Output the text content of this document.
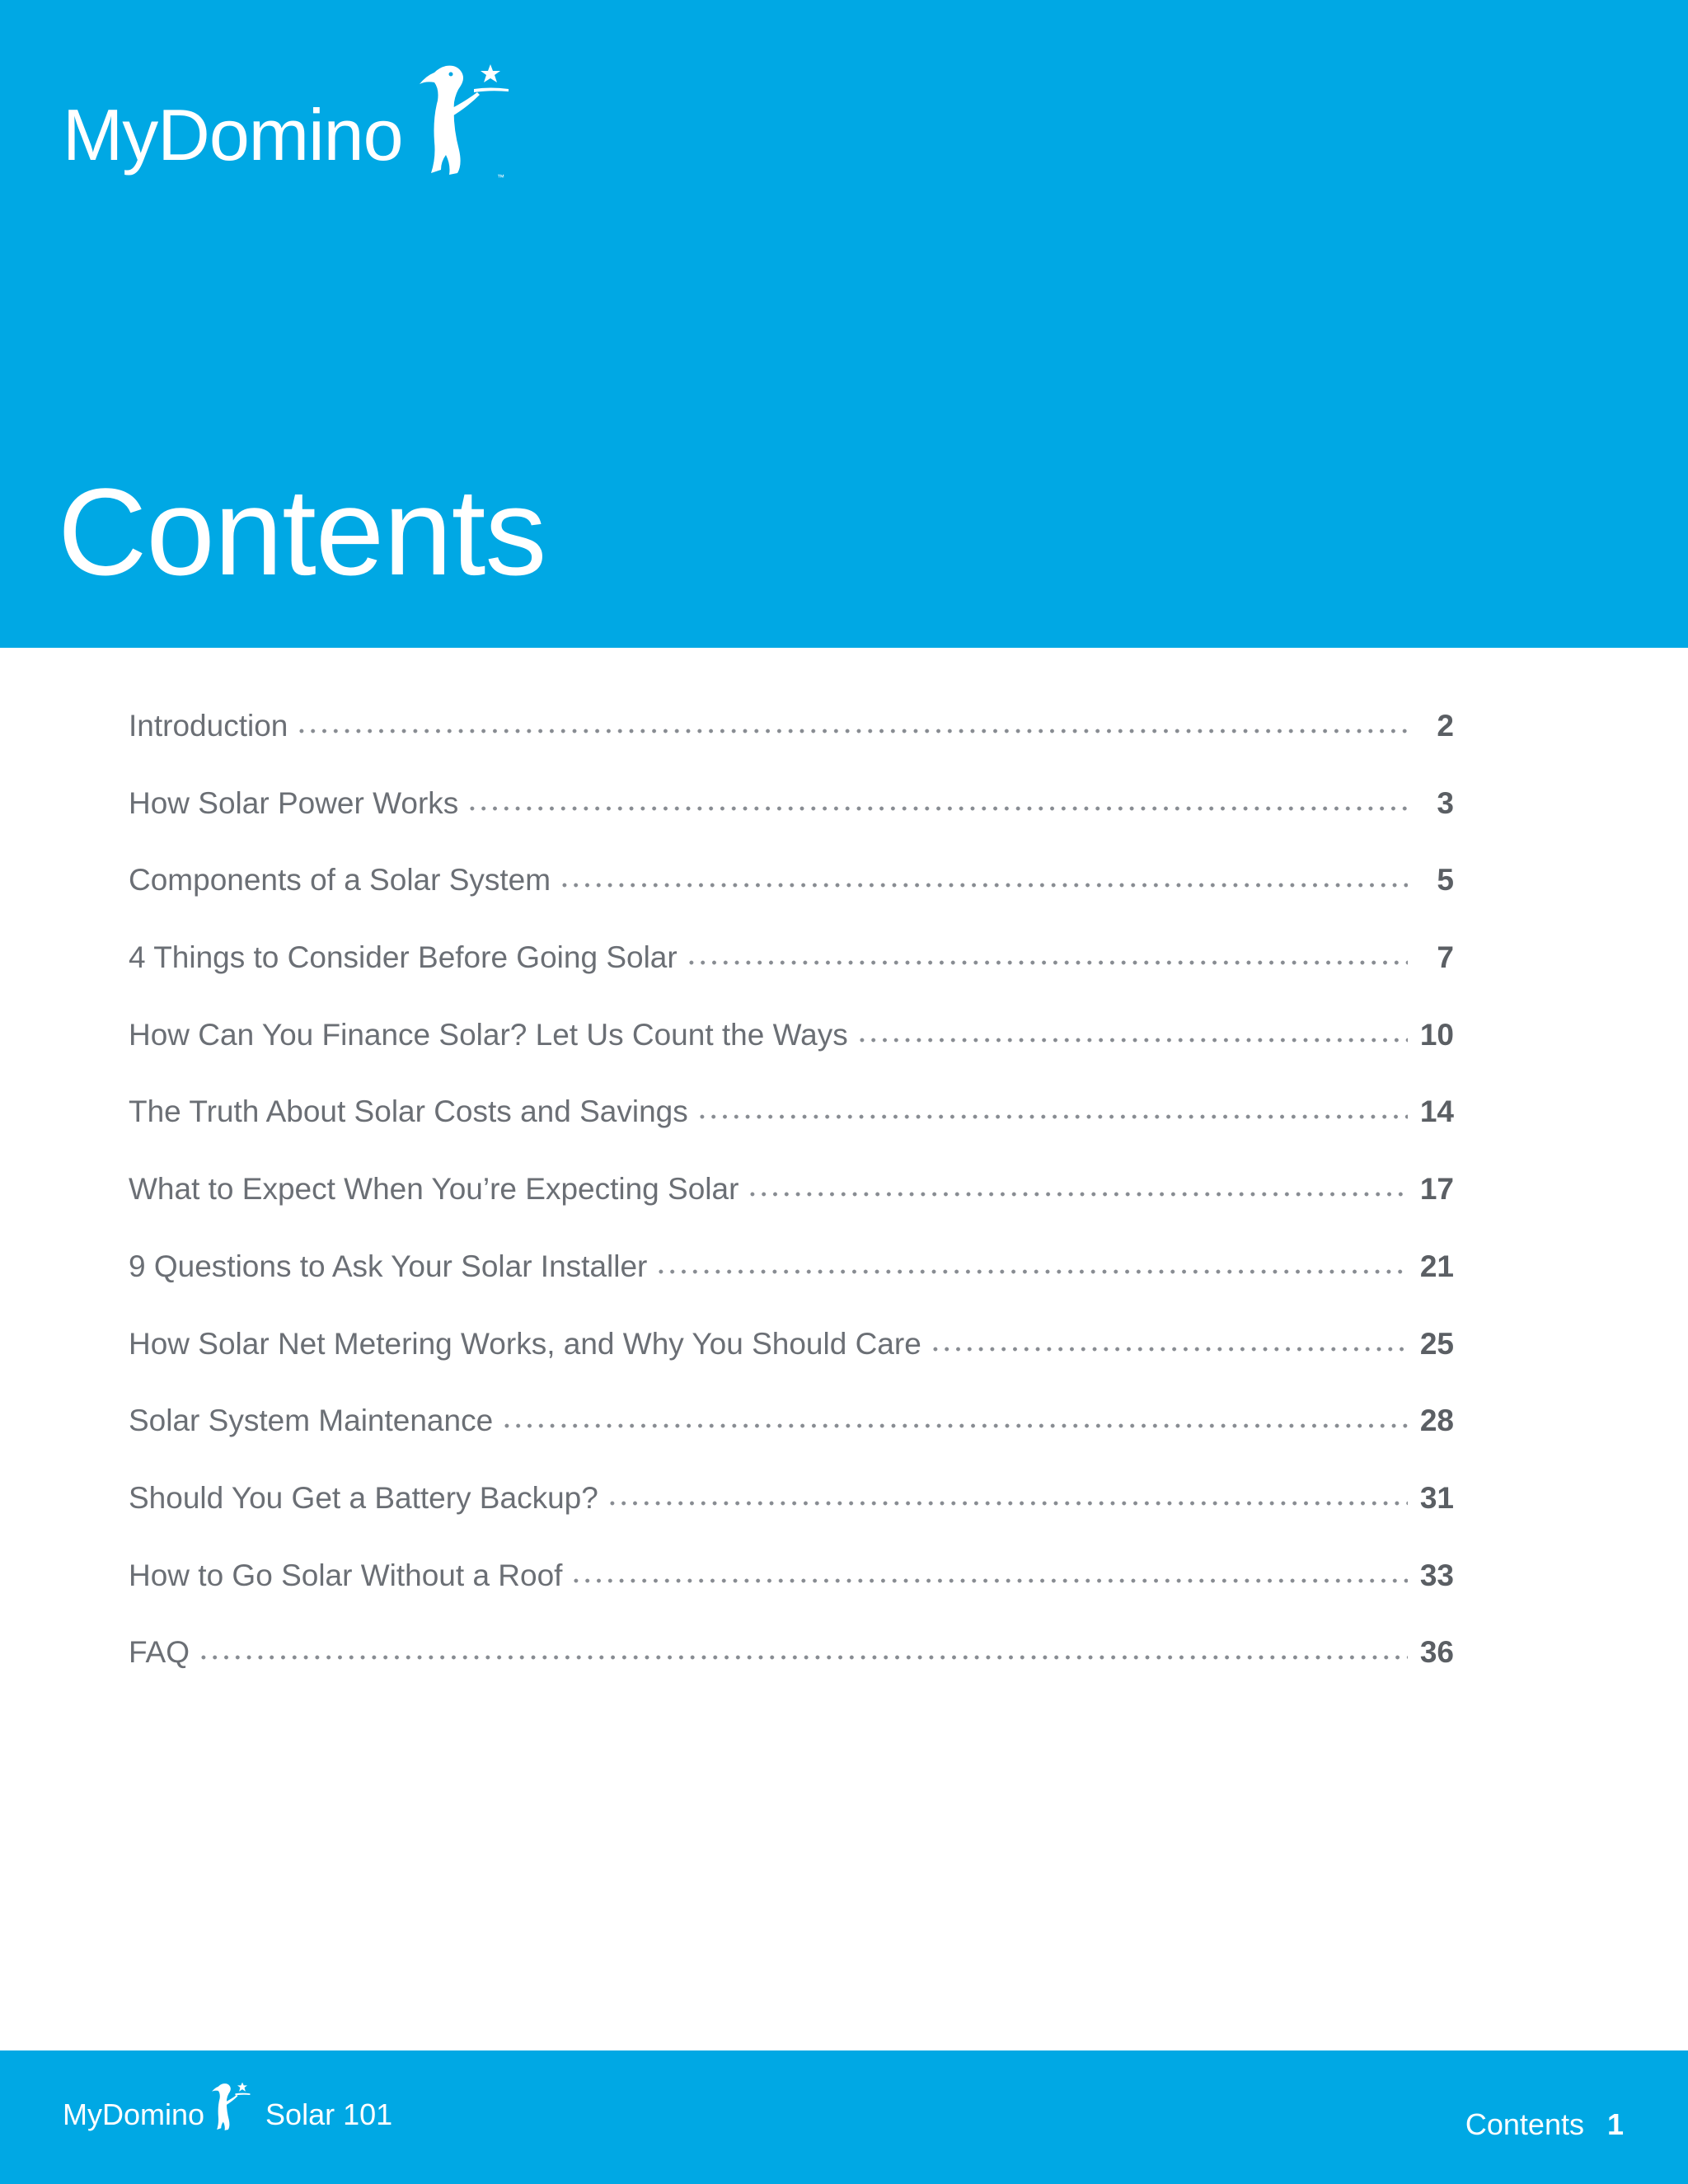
MyDomino
™
Contents
Introduction	2
How Solar Power Works	3
Components of a Solar System	5
4 Things to Consider Before Going Solar	7
How Can You Finance Solar? Let Us Count the Ways	10
The Truth About Solar Costs and Savings	14
What to Expect When You’re Expecting Solar	17
9 Questions to Ask Your Solar Installer	21
How Solar Net Metering Works, and Why You Should Care	25
Solar System Maintenance	28
Should You Get a Battery Backup?	31
How to Go Solar Without a Roof	33
FAQ	36
MyDomino Solar 101	Contents 1
